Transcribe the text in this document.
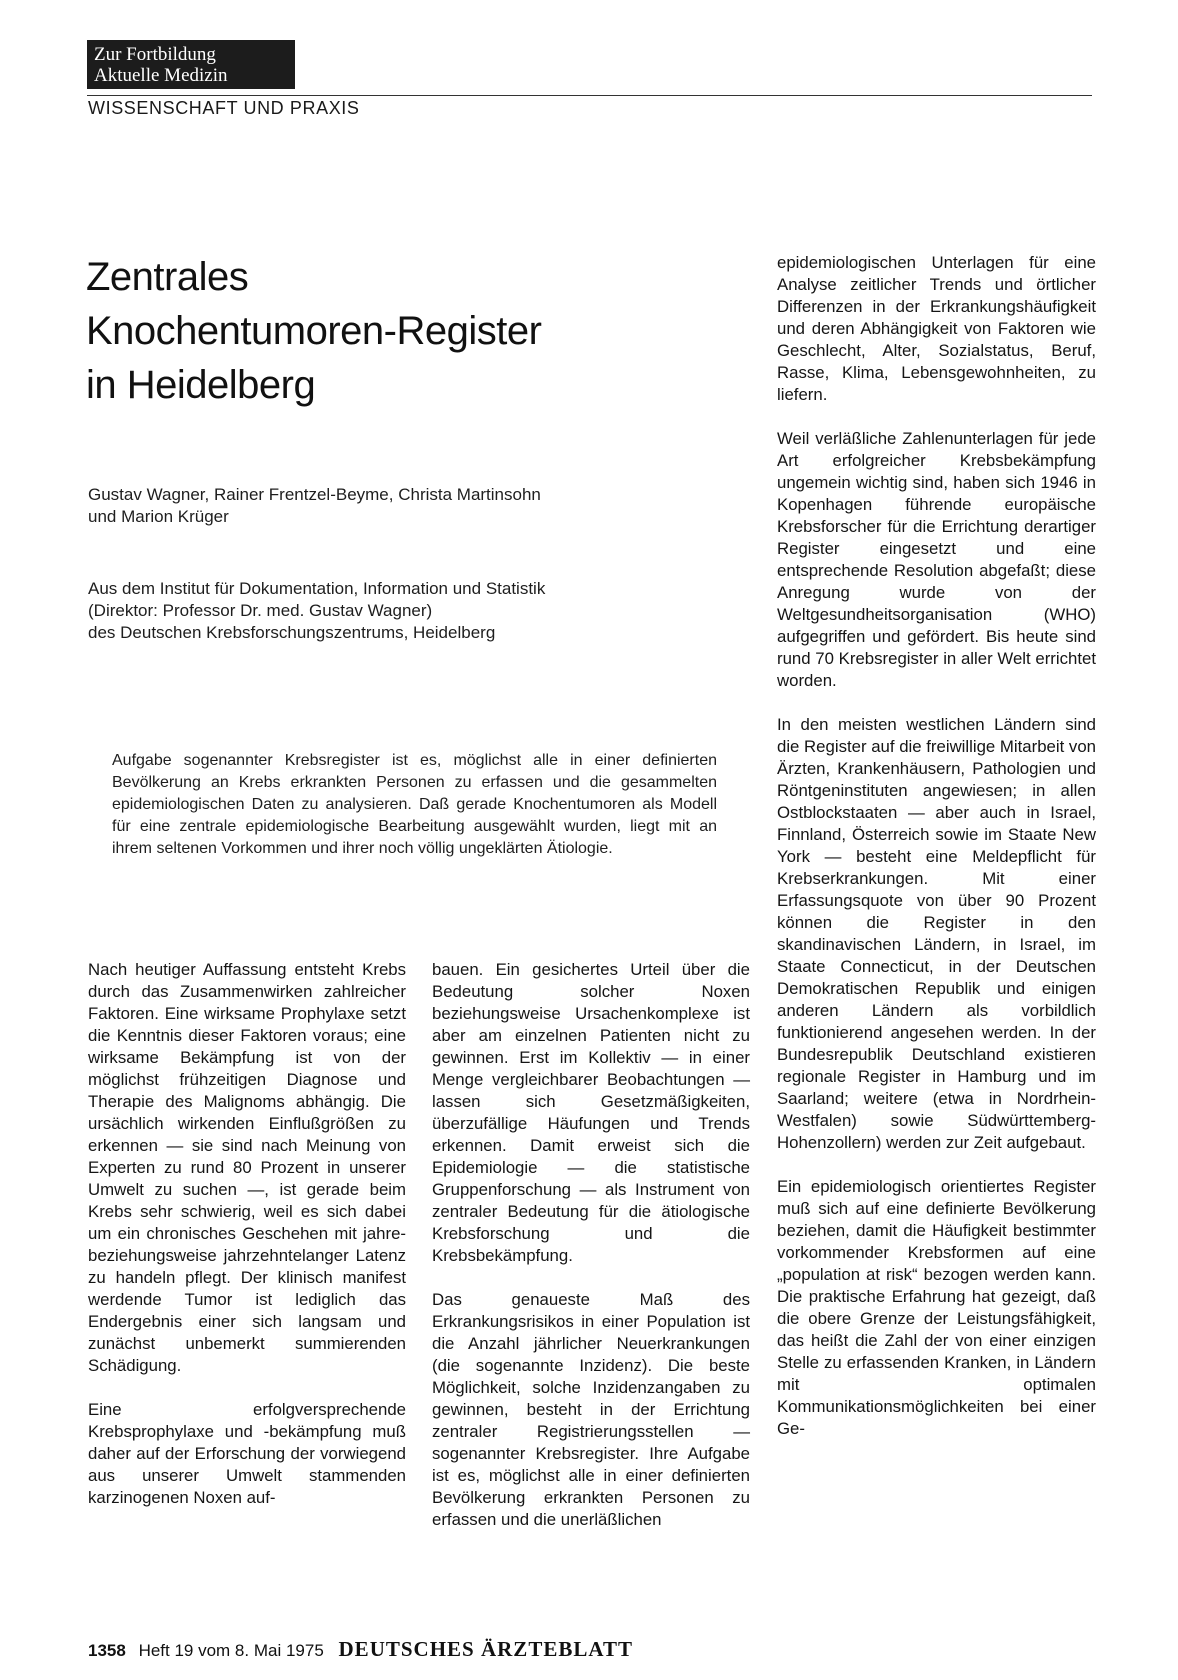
Zur Fortbildung
Aktuelle Medizin
WISSENSCHAFT UND PRAXIS
Zentrales
Knochentumoren-Register
in Heidelberg
Gustav Wagner, Rainer Frentzel-Beyme, Christa Martinsohn
und Marion Krüger
Aus dem Institut für Dokumentation, Information und Statistik
(Direktor: Professor Dr. med. Gustav Wagner)
des Deutschen Krebsforschungszentrums, Heidelberg

Aufgabe sogenannter Krebsregister ist es, möglichst alle in einer definierten Bevölkerung an Krebs erkrankten Personen zu erfassen und die gesammelten epidemiologischen Daten zu analysieren. Daß gerade Knochentumoren als Modell für eine zentrale epidemiologische Bearbeitung ausgewählt wurden, liegt mit an ihrem seltenen Vorkommen und ihrer noch völlig ungeklärten Ätiologie.

Nach heutiger Auffassung entsteht Krebs durch das Zusammenwirken zahlreicher Faktoren. Eine wirksame Prophylaxe setzt die Kenntnis dieser Faktoren voraus; eine wirksame Bekämpfung ist von der möglichst frühzeitigen Diagnose und Therapie des Malignoms abhängig. Die ursächlich wirkenden Einflußgrößen zu erkennen — sie sind nach Meinung von Experten zu rund 80 Prozent in unserer Umwelt zu suchen —, ist gerade beim Krebs sehr schwierig, weil es sich dabei um ein chronisches Geschehen mit jahre- beziehungsweise jahrzehntelanger Latenz zu handeln pflegt. Der klinisch manifest werdende Tumor ist lediglich das Endergebnis einer sich langsam und zunächst unbemerkt summierenden Schädigung.

Eine erfolgversprechende Krebsprophylaxe und -bekämpfung muß daher auf der Erforschung der vorwiegend aus unserer Umwelt stammenden karzinogenen Noxen auf-

bauen. Ein gesichertes Urteil über die Bedeutung solcher Noxen beziehungsweise Ursachenkomplexe ist aber am einzelnen Patienten nicht zu gewinnen. Erst im Kollektiv — in einer Menge vergleichbarer Beobachtungen — lassen sich Gesetzmäßigkeiten, überzufällige Häufungen und Trends erkennen. Damit erweist sich die Epidemiologie — die statistische Gruppenforschung — als Instrument von zentraler Bedeutung für die ätiologische Krebsforschung und die Krebsbekämpfung.

Das genaueste Maß des Erkrankungsrisikos in einer Population ist die Anzahl jährlicher Neuerkrankungen (die sogenannte Inzidenz). Die beste Möglichkeit, solche Inzidenzangaben zu gewinnen, besteht in der Errichtung zentraler Registrierungsstellen — sogenannter Krebsregister. Ihre Aufgabe ist es, möglichst alle in einer definierten Bevölkerung erkrankten Personen zu erfassen und die unerläßlichen

epidemiologischen Unterlagen für eine Analyse zeitlicher Trends und örtlicher Differenzen in der Erkrankungshäufigkeit und deren Abhängigkeit von Faktoren wie Geschlecht, Alter, Sozialstatus, Beruf, Rasse, Klima, Lebensgewohnheiten, zu liefern.

Weil verläßliche Zahlenunterlagen für jede Art erfolgreicher Krebsbekämpfung ungemein wichtig sind, haben sich 1946 in Kopenhagen führende europäische Krebsforscher für die Errichtung derartiger Register eingesetzt und eine entsprechende Resolution abgefaßt; diese Anregung wurde von der Weltgesundheitsorganisation (WHO) aufgegriffen und gefördert. Bis heute sind rund 70 Krebsregister in aller Welt errichtet worden.

In den meisten westlichen Ländern sind die Register auf die freiwillige Mitarbeit von Ärzten, Krankenhäusern, Pathologien und Röntgeninstituten angewiesen; in allen Ostblockstaaten — aber auch in Israel, Finnland, Österreich sowie im Staate New York — besteht eine Meldepflicht für Krebserkrankungen. Mit einer Erfassungsquote von über 90 Prozent können die Register in den skandinavischen Ländern, in Israel, im Staate Connecticut, in der Deutschen Demokratischen Republik und einigen anderen Ländern als vorbildlich funktionierend angesehen werden. In der Bundesrepublik Deutschland existieren regionale Register in Hamburg und im Saarland; weitere (etwa in Nordrhein-Westfalen) sowie Südwürttemberg-Hohenzollern) werden zur Zeit aufgebaut.

Ein epidemiologisch orientiertes Register muß sich auf eine definierte Bevölkerung beziehen, damit die Häufigkeit bestimmter vorkommender Krebsformen auf eine „population at risk“ bezogen werden kann. Die praktische Erfahrung hat gezeigt, daß die obere Grenze der Leistungsfähigkeit, das heißt die Zahl der von einer einzigen Stelle zu erfassenden Kranken, in Ländern mit optimalen Kommunikationsmöglichkeiten bei einer Ge-

1358 Heft 19 vom 8. Mai 1975 DEUTSCHES ÄRZTEBLATT
